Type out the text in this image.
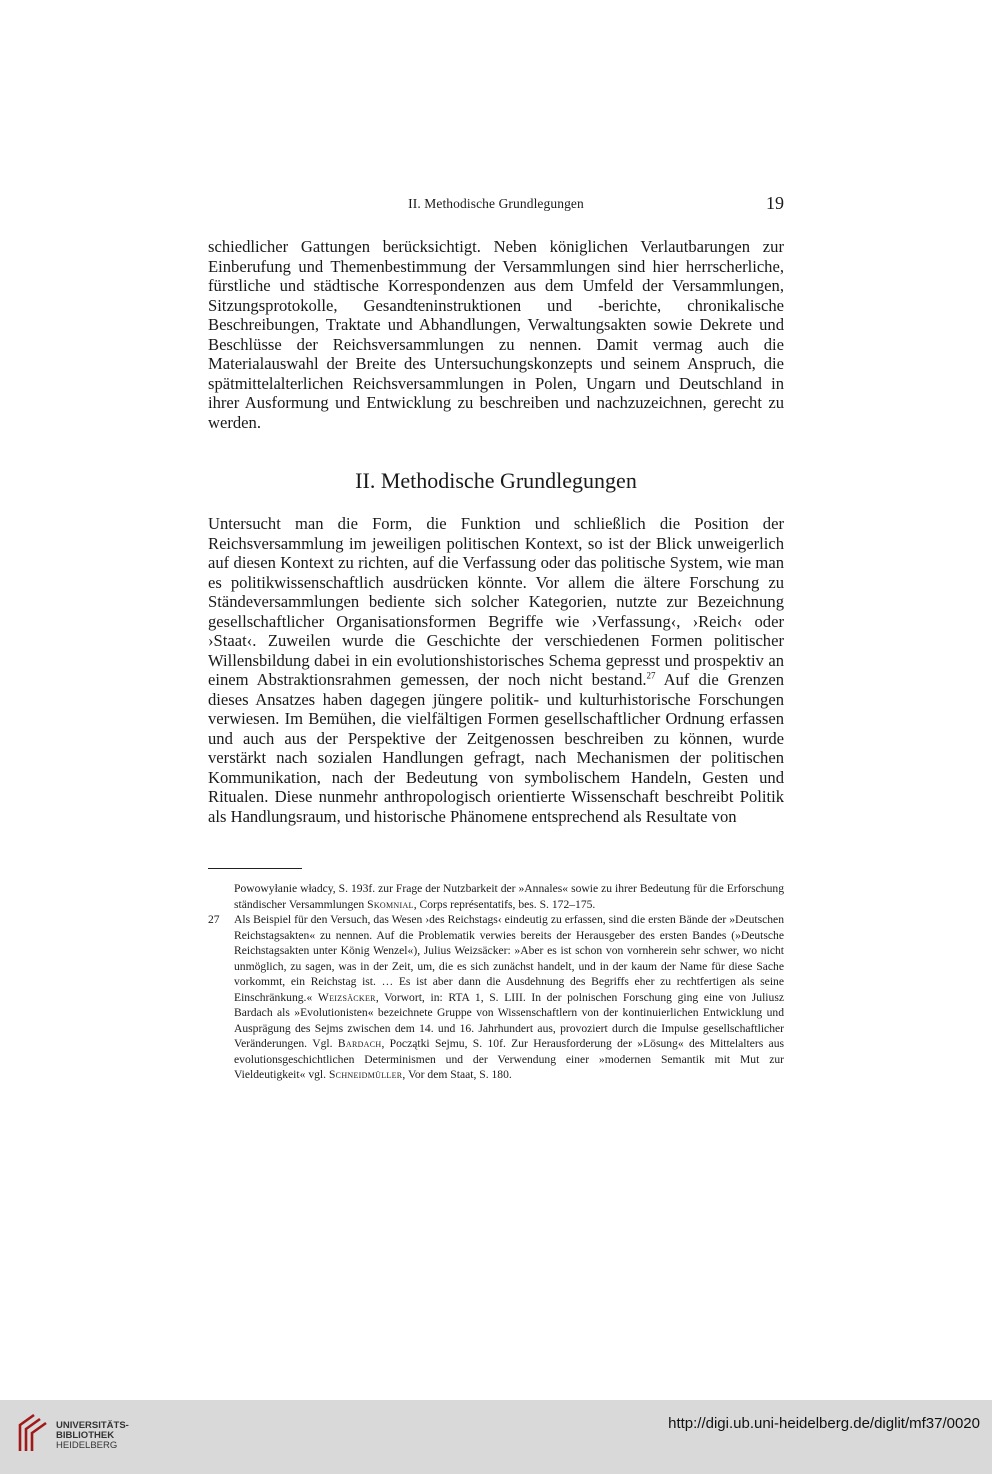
II. Methodische Grundlegungen	19
schiedlicher Gattungen berücksichtigt. Neben königlichen Verlautbarungen zur Einberufung und Themenbestimmung der Versammlungen sind hier herrscherliche, fürstliche und städtische Korrespondenzen aus dem Umfeld der Versammlungen, Sitzungsprotokolle, Gesandteninstruktionen und -berichte, chronikalische Beschreibungen, Traktate und Abhandlungen, Verwaltungsakten sowie Dekrete und Beschlüsse der Reichsversammlungen zu nennen. Damit vermag auch die Materialauswahl der Breite des Untersuchungskonzepts und seinem Anspruch, die spätmittelalterlichen Reichsversammlungen in Polen, Ungarn und Deutschland in ihrer Ausformung und Entwicklung zu beschreiben und nachzuzeichnen, gerecht zu werden.
II. Methodische Grundlegungen
Untersucht man die Form, die Funktion und schließlich die Position der Reichsversammlung im jeweiligen politischen Kontext, so ist der Blick unweigerlich auf diesen Kontext zu richten, auf die Verfassung oder das politische System, wie man es politikwissenschaftlich ausdrücken könnte. Vor allem die ältere Forschung zu Ständeversammlungen bediente sich solcher Kategorien, nutzte zur Bezeichnung gesellschaftlicher Organisationsformen Begriffe wie ›Verfassung‹, ›Reich‹ oder ›Staat‹. Zuweilen wurde die Geschichte der verschiedenen Formen politischer Willensbildung dabei in ein evolutionshistorisches Schema gepresst und prospektiv an einem Abstraktionsrahmen gemessen, der noch nicht bestand.$^{27}$ Auf die Grenzen dieses Ansatzes haben dagegen jüngere politik- und kulturhistorische Forschungen verwiesen. Im Bemühen, die vielfältigen Formen gesellschaftlicher Ordnung erfassen und auch aus der Perspektive der Zeitgenossen beschreiben zu können, wurde verstärkt nach sozialen Handlungen gefragt, nach Mechanismen der politischen Kommunikation, nach der Bedeutung von symbolischem Handeln, Gesten und Ritualen. Diese nunmehr anthropologisch orientierte Wissenschaft beschreibt Politik als Handlungsraum, und historische Phänomene entsprechend als Resultate von
Powowyłanie władcy, S. 193f. zur Frage der Nutzbarkeit der »Annales« sowie zu ihrer Bedeutung für die Erforschung ständischer Versammlungen Skomnial, Corps représentatifs, bes. S. 172–175.
27 Als Beispiel für den Versuch, das Wesen ›des Reichstags‹ eindeutig zu erfassen, sind die ersten Bände der »Deutschen Reichstagsakten« zu nennen. Auf die Problematik verwies bereits der Herausgeber des ersten Bandes (»Deutsche Reichstagsakten unter König Wenzel«), Julius Weizsäcker: »Aber es ist schon von vornherein sehr schwer, wo nicht unmöglich, zu sagen, was in der Zeit, um, die es sich zunächst handelt, und in der kaum der Name für diese Sache vorkommt, ein Reichstag ist. … Es ist aber dann die Ausdehnung des Begriffs eher zu rechtfertigen als seine Einschränkung.« Weizsäcker, Vorwort, in: RTA 1, S. LIII. In der polnischen Forschung ging eine von Juliusz Bardach als »Evolutionisten« bezeichnete Gruppe von Wissenschaftlern von der kontinuierlichen Entwicklung und Ausprägung des Sejms zwischen dem 14. und 16. Jahrhundert aus, provoziert durch die Impulse gesellschaftlicher Veränderungen. Vgl. Bardach, Początki Sejmu, S. 10f. Zur Herausforderung der »Lösung« des Mittelalters aus evolutionsgeschichtlichen Determinismen und der Verwendung einer »modernen Semantik mit Mut zur Vieldeutigkeit« vgl. Schneidmüller, Vor dem Staat, S. 180.
UNIVERSITÄTS-
BIBLIOTHEK
HEIDELBERG
http://digi.ub.uni-heidelberg.de/diglit/mf37/0020
